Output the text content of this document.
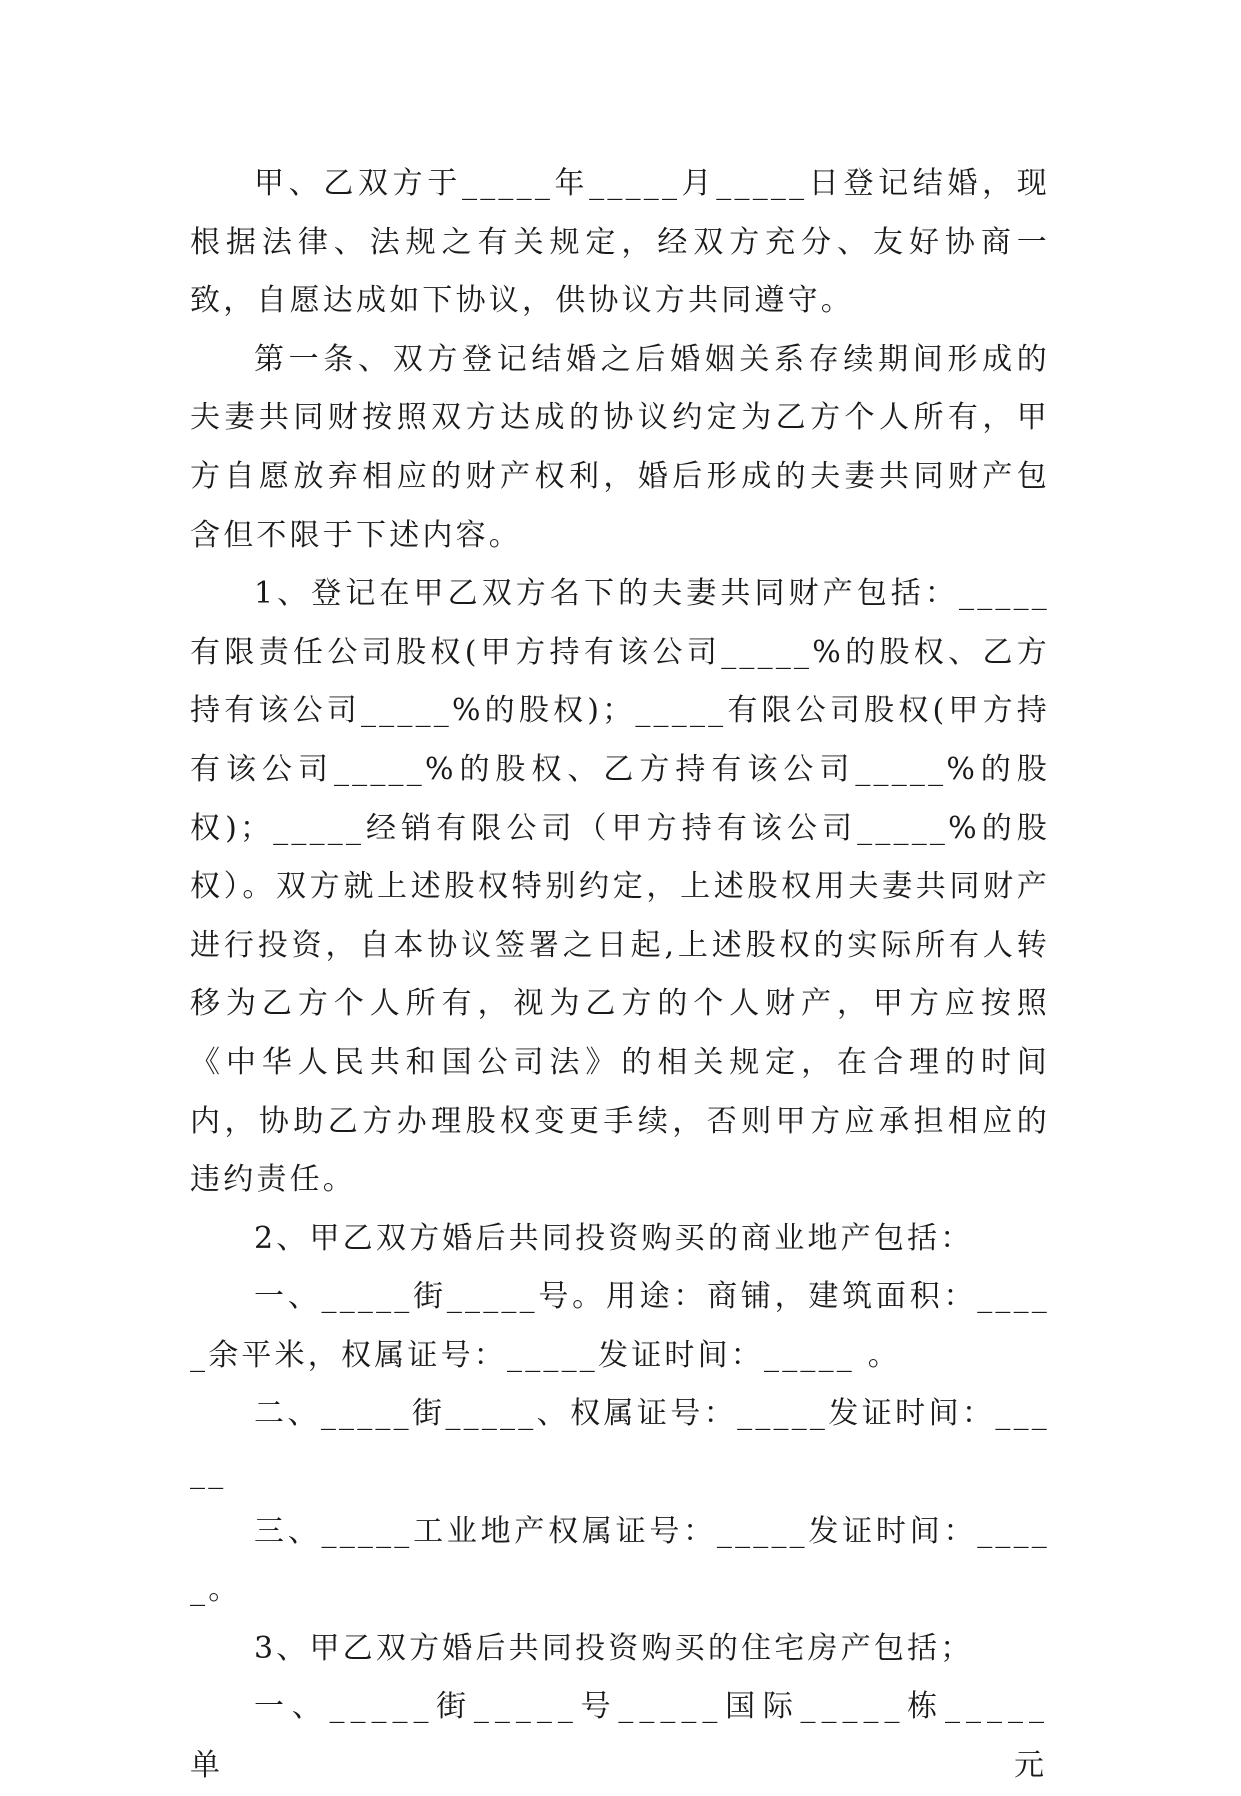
甲、乙双方于_____年_____月_____日登记结婚，现根据法律、法规之有关规定，经双方充分、友好协商一致，自愿达成如下协议，供协议方共同遵守。

第一条、双方登记结婚之后婚姻关系存续期间形成的夫妻共同财按照双方达成的协议约定为乙方个人所有，甲方自愿放弃相应的财产权利，婚后形成的夫妻共同财产包含但不限于下述内容。

1、登记在甲乙双方名下的夫妻共同财产包括：_____有限责任公司股权(甲方持有该公司_____%的股权、乙方持有该公司_____%的股权)；_____有限公司股权(甲方持有该公司_____%的股权、乙方持有该公司_____%的股权)；_____经销有限公司（甲方持有该公司_____%的股权）。双方就上述股权特别约定，上述股权用夫妻共同财产进行投资，自本协议签署之日起,上述股权的实际所有人转移为乙方个人所有，视为乙方的个人财产，甲方应按照《中华人民共和国公司法》的相关规定，在合理的时间内，协助乙方办理股权变更手续，否则甲方应承担相应的违约责任。

2、甲乙双方婚后共同投资购买的商业地产包括：

一、_____街_____号。用途：商铺，建筑面积：_____余平米，权属证号：_____发证时间：_____ 。

二、_____街_____、权属证号：_____发证时间：_____

三、_____工业地产权属证号：_____发证时间：_____。

3、甲乙双方婚后共同投资购买的住宅房产包括；

一、_____街_____号_____国际_____栋_____单元
